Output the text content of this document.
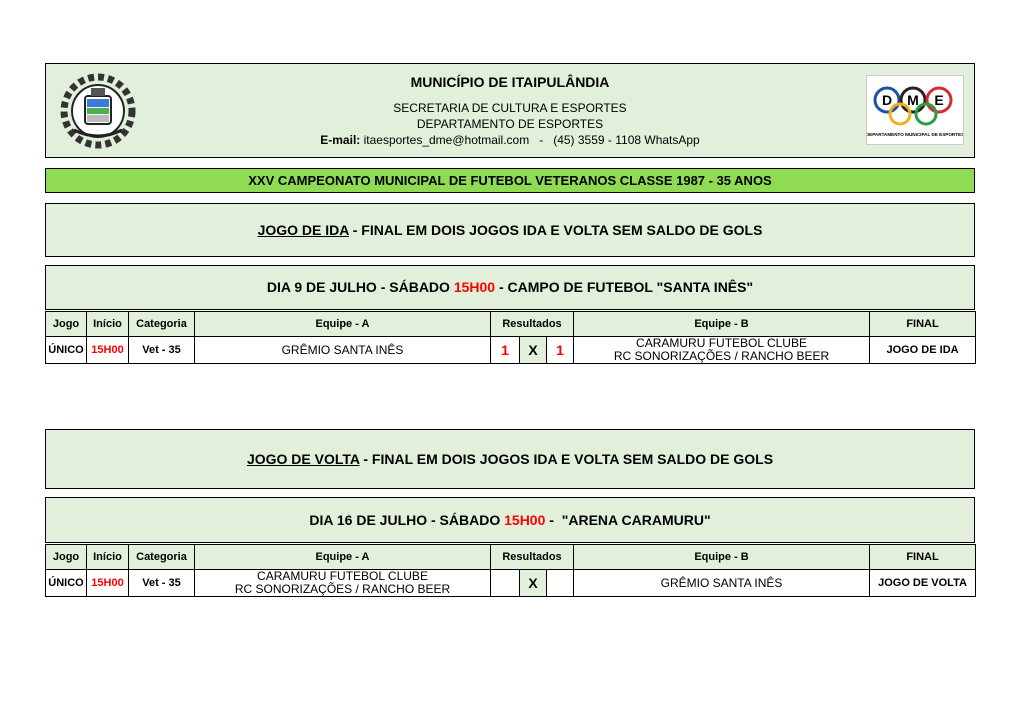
MUNICÍPIO DE ITAIPULÂNDIA
SECRETARIA DE CULTURA E ESPORTES
DEPARTAMENTO DE ESPORTES
E-mail: itaesportes_dme@hotmail.com   -   (45) 3559 - 1108 WhatsApp
D M E
DEPARTAMENTO MUNICIPAL DE ESPORTES
XXV CAMPEONATO MUNICIPAL DE FUTEBOL VETERANOS CLASSE 1987 - 35 ANOS
JOGO DE IDA - FINAL EM DOIS JOGOS IDA E VOLTA SEM SALDO DE GOLS
DIA 9 DE JULHO - SÁBADO 15H00 - CAMPO DE FUTEBOL "SANTA INÊS"
Jogo	Início	Categoria	Equipe - A	Resultados			Equipe - B	FINAL
ÚNICO	15H00	Vet - 35	GRÊMIO SANTA INÊS	1	X	1	CARAMURU FUTEBOL CLUBE
RC SONORIZAÇÕES / RANCHO BEER	JOGO DE IDA
JOGO DE VOLTA - FINAL EM DOIS JOGOS IDA E VOLTA SEM SALDO DE GOLS
DIA 16 DE JULHO - SÁBADO 15H00 -  "ARENA CARAMURU"
Jogo	Início	Categoria	Equipe - A	Resultados			Equipe - B	FINAL
ÚNICO	15H00	Vet - 35	CARAMURU FUTEBOL CLUBE
RC SONORIZAÇÕES / RANCHO BEER		X		GRÊMIO SANTA INÊS	JOGO DE VOLTA
